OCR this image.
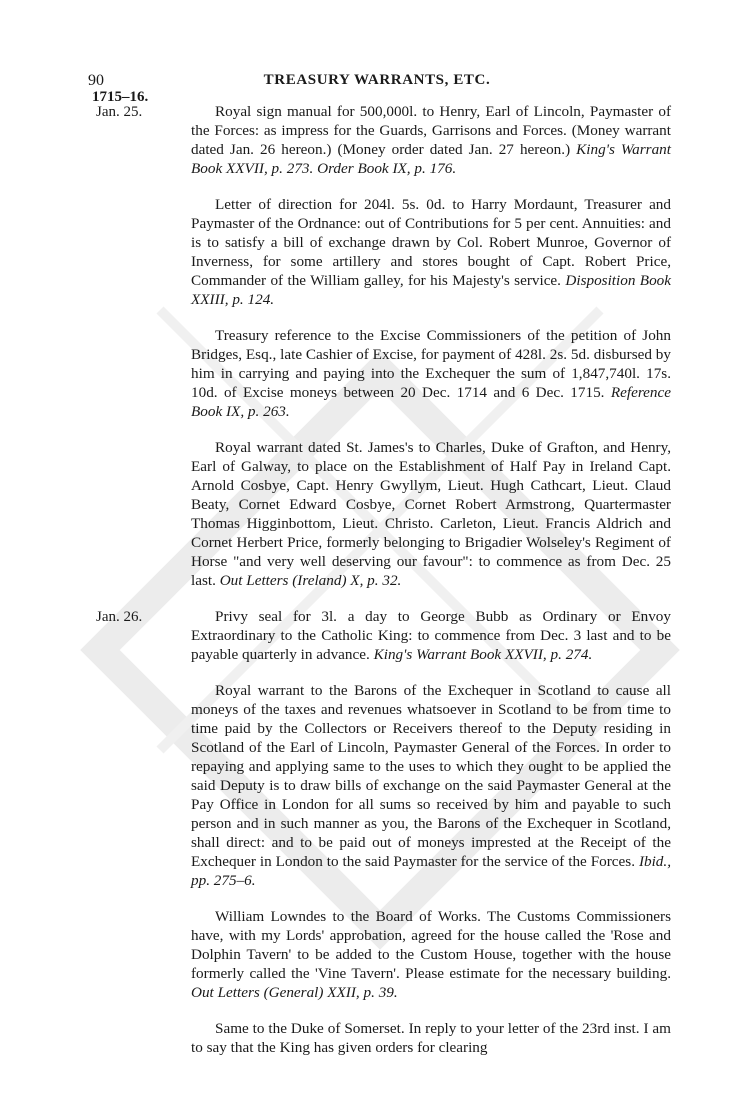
90	TREASURY WARRANTS, ETC.
1715–16.
Jan. 25.	Royal sign manual for 500,000l. to Henry, Earl of Lincoln, Paymaster of the Forces: as impress for the Guards, Garrisons and Forces. (Money warrant dated Jan. 26 hereon.) (Money order dated Jan. 27 hereon.) King's Warrant Book XXVII, p. 273. Order Book IX, p. 176.
Letter of direction for 204l. 5s. 0d. to Harry Mordaunt, Treasurer and Paymaster of the Ordnance: out of Contributions for 5 per cent. Annuities: and is to satisfy a bill of exchange drawn by Col. Robert Munroe, Governor of Inverness, for some artillery and stores bought of Capt. Robert Price, Commander of the William galley, for his Majesty's service. Disposition Book XXIII, p. 124.
Treasury reference to the Excise Commissioners of the petition of John Bridges, Esq., late Cashier of Excise, for payment of 428l. 2s. 5d. disbursed by him in carrying and paying into the Exchequer the sum of 1,847,740l. 17s. 10d. of Excise moneys between 20 Dec. 1714 and 6 Dec. 1715. Reference Book IX, p. 263.
Royal warrant dated St. James's to Charles, Duke of Grafton, and Henry, Earl of Galway, to place on the Establishment of Half Pay in Ireland Capt. Arnold Cosbye, Capt. Henry Gwyllym, Lieut. Hugh Cathcart, Lieut. Claud Beaty, Cornet Edward Cosbye, Cornet Robert Armstrong, Quartermaster Thomas Higginbottom, Lieut. Christo. Carleton, Lieut. Francis Aldrich and Cornet Herbert Price, formerly belonging to Brigadier Wolseley's Regiment of Horse "and very well deserving our favour": to commence as from Dec. 25 last. Out Letters (Ireland) X, p. 32.
Jan. 26.	Privy seal for 3l. a day to George Bubb as Ordinary or Envoy Extraordinary to the Catholic King: to commence from Dec. 3 last and to be payable quarterly in advance. King's Warrant Book XXVII, p. 274.
Royal warrant to the Barons of the Exchequer in Scotland to cause all moneys of the taxes and revenues whatsoever in Scotland to be from time to time paid by the Collectors or Receivers thereof to the Deputy residing in Scotland of the Earl of Lincoln, Paymaster General of the Forces. In order to repaying and applying same to the uses to which they ought to be applied the said Deputy is to draw bills of exchange on the said Paymaster General at the Pay Office in London for all sums so received by him and payable to such person and in such manner as you, the Barons of the Exchequer in Scotland, shall direct: and to be paid out of moneys imprested at the Receipt of the Exchequer in London to the said Paymaster for the service of the Forces. Ibid., pp. 275–6.
William Lowndes to the Board of Works. The Customs Commissioners have, with my Lords' approbation, agreed for the house called the 'Rose and Dolphin Tavern' to be added to the Custom House, together with the house formerly called the 'Vine Tavern'. Please estimate for the necessary building. Out Letters (General) XXII, p. 39.
Same to the Duke of Somerset. In reply to your letter of the 23rd inst. I am to say that the King has given orders for clearing
